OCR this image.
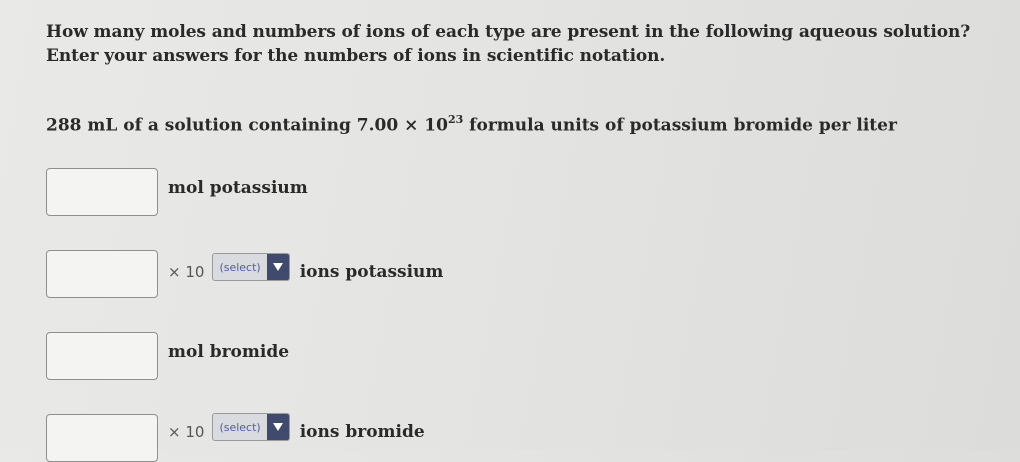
How many moles and numbers of ions of each type are present in the following aqueous solution?
Enter your answers for the numbers of ions in scientific notation.
288 mL of a solution containing $7.00 \times 10^{23}$ formula units of potassium bromide per liter
mol potassium
× 10	(select)	ions potassium
mol bromide
× 10	(select)	ions bromide
